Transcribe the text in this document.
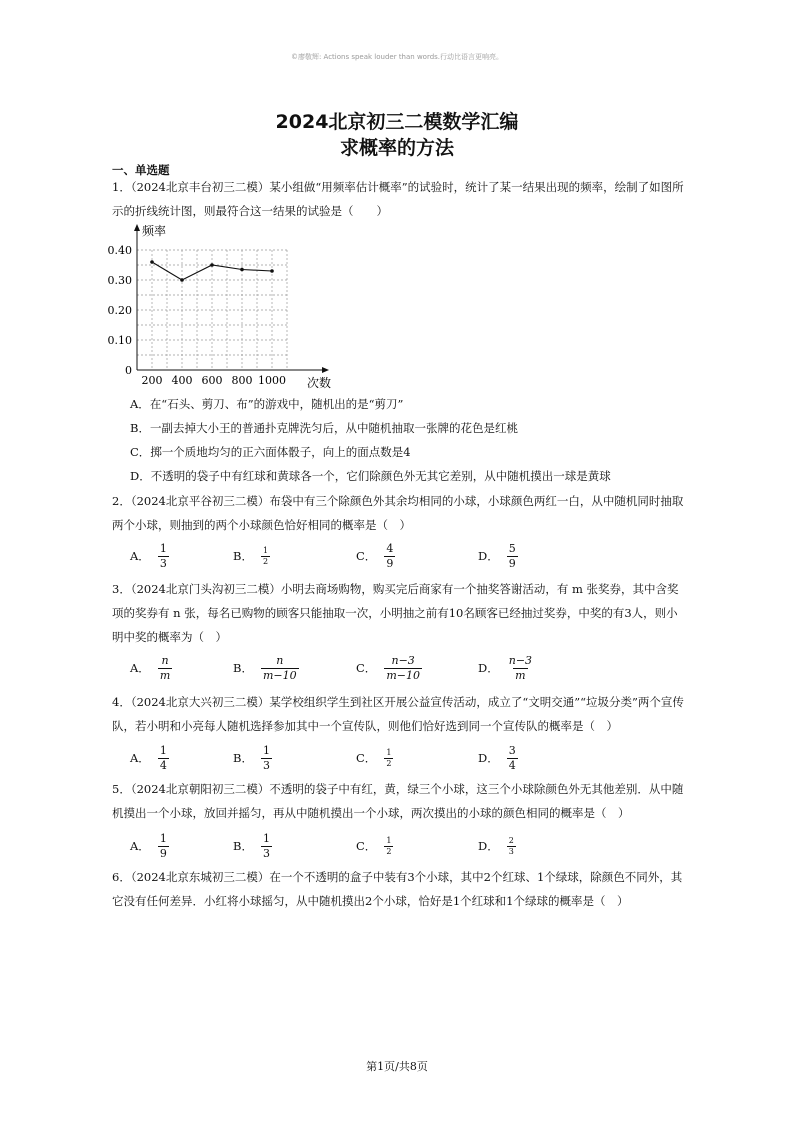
©廖敬辉: Actions speak louder than words.行动比语言更响亮。
2024北京初三二模数学汇编
求概率的方法
一、单选题
1．（2024北京丰台初三二模）某小组做“用频率估计概率”的试验时，统计了某一结果出现的频率，绘制了如图所示的折线统计图，则最符合这一结果的试验是（　　）
频率
次数
0
0.10
0.20
0.30
0.40
200 400 600 800 1000
A．在“石头、剪刀、布”的游戏中，随机出的是“剪刀”
B．一副去掉大小王的普通扑克牌洗匀后，从中随机抽取一张牌的花色是红桃
C．掷一个质地均匀的正六面体骰子，向上的面点数是4
D．不透明的袋子中有红球和黄球各一个，它们除颜色外无其它差别，从中随机摸出一球是黄球
2．（2024北京平谷初三二模）布袋中有三个除颜色外其余均相同的小球，小球颜色两红一白，从中随机同时抽取两个小球，则抽到的两个小球颜色恰好相同的概率是（　）
A． $\frac{1}{3}$	B． $\frac{1}{2}$	C． $\frac{4}{9}$	D． $\frac{5}{9}$
3．（2024北京门头沟初三二模）小明去商场购物，购买完后商家有一个抽奖答谢活动，有 m 张奖券，其中含奖项的奖券有 n 张，每名已购物的顾客只能抽取一次，小明抽之前有10名顾客已经抽过奖券，中奖的有3人，则小明中奖的概率为（　）
A． $\frac{n}{m}$	B． $\frac{n}{m-10}$	C． $\frac{n-3}{m-10}$	D． $\frac{n-3}{m}$
4．（2024北京大兴初三二模）某学校组织学生到社区开展公益宣传活动，成立了“文明交通”“垃圾分类”两个宣传队，若小明和小亮每人随机选择参加其中一个宣传队，则他们恰好选到同一个宣传队的概率是（　）
A． $\frac{1}{4}$	B． $\frac{1}{3}$	C． $\frac{1}{2}$	D． $\frac{3}{4}$
5．（2024北京朝阳初三二模）不透明的袋子中有红，黄，绿三个小球，这三个小球除颜色外无其他差别．从中随机摸出一个小球，放回并摇匀，再从中随机摸出一个小球，两次摸出的小球的颜色相同的概率是（　）
A． $\frac{1}{9}$	B． $\frac{1}{3}$	C． $\frac{1}{2}$	D． $\frac{2}{3}$
6．（2024北京东城初三二模）在一个不透明的盒子中装有3个小球，其中2个红球、1个绿球，除颜色不同外，其它没有任何差异．小红将小球摇匀，从中随机摸出2个小球，恰好是1个红球和1个绿球的概率是（　）
第1页/共8页
